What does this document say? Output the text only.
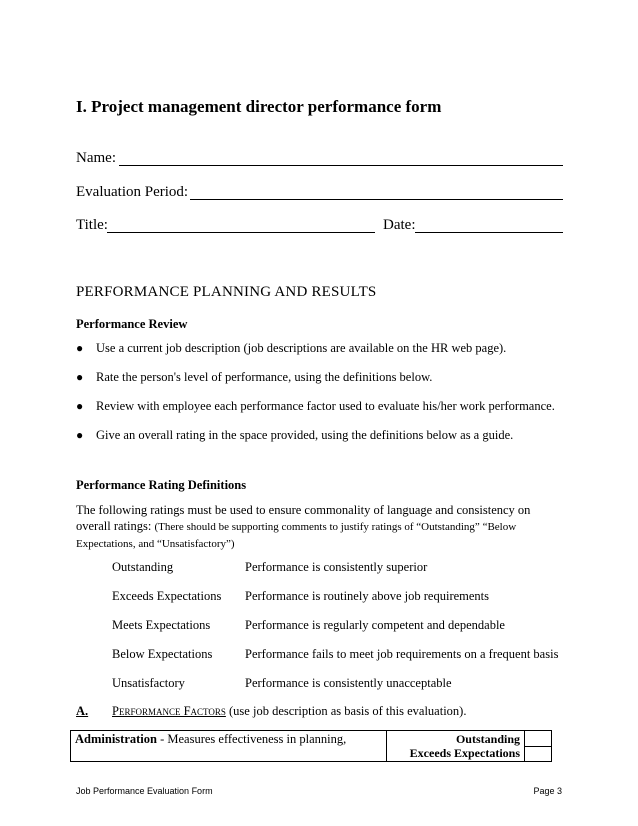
I. Project management director performance form
Name:
Evaluation Period:
Title:	Date:
PERFORMANCE PLANNING AND RESULTS
Performance Review
● Use a current job description (job descriptions are available on the HR web page).
● Rate the person's level of performance, using the definitions below.
● Review with employee each performance factor used to evaluate his/her work performance.
● Give an overall rating in the space provided, using the definitions below as a guide.
Performance Rating Definitions
The following ratings must be used to ensure commonality of language and consistency on overall ratings: (There should be supporting comments to justify ratings of “Outstanding” “Below Expectations, and “Unsatisfactory”)
Outstanding	Performance is consistently superior
Exceeds Expectations Performance is routinely above job requirements
Meets Expectations	Performance is regularly competent and dependable
Below Expectations	Performance fails to meet job requirements on a frequent basis
Unsatisfactory	Performance is consistently unacceptable
A. Performance Factors (use job description as basis of this evaluation).
Administration - Measures effectiveness in planning,	Outstanding
Exceeds Expectations
Job Performance Evaluation Form	Page 3
